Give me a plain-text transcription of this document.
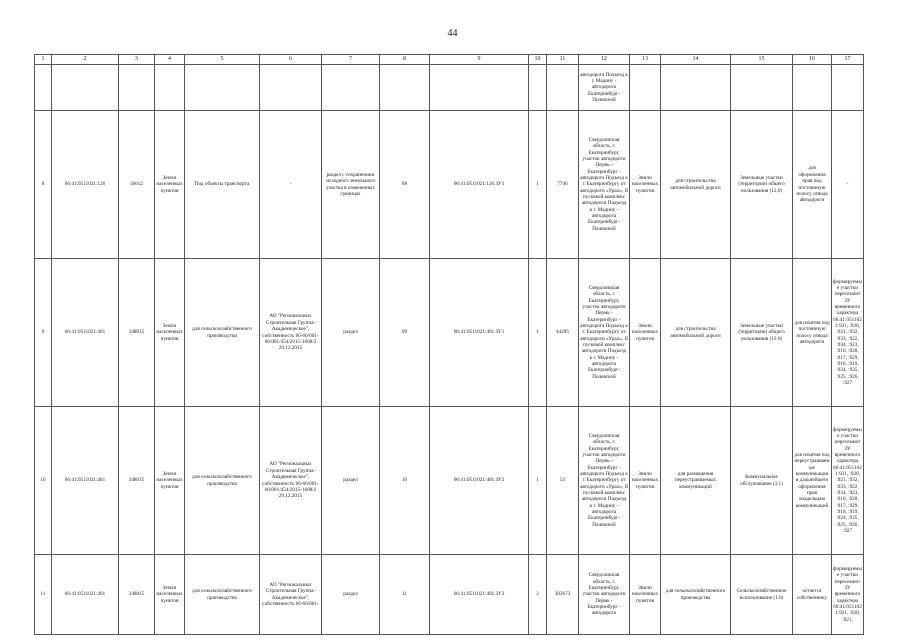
44
1	2	3	4	5	6	7	8	9	10	11	12	13	14	15	16	17
											автодорога Подъезд к г. Мадину - автодорога Екатеринбург-Полевской					
8	66:41:0511021:126	30612	Земли населенных пунктов	Под объекты транспорта	-	раздел с сохранением исходного земельного участка в измененных границах	08	66:41:0511021:126:ЗУ1	1	7746	Свердловская область, г. Екатеринбург, участок автодороги Пермь - Екатеринбург - автодорога Подъезд к г. Екатеринбургу от автодороги «Урал», II пусковой комплекс автодороги Подъезд к г. Мадину - автодорога Екатеринбург-Полевской	Земли населенных пунктов	для строительства автомобильной дороги	Земельные участки (территории) общего пользования (12.0)	для оформления прав под постоянную полосу отвода автодороги	-
9	66:41:0511021:401	348015	Земли населенных пунктов	для сельскохозяйственного производства	АО "Региональных Строительная Группа-Академическое", собственность 66-66/001-66/001/454/2015-1608/2 29.12.2015	раздел	09	66:41:0511021:401:ЗУ1	1	44295	Свердловская область, г. Екатеринбург, участок автодороги Пермь - Екатеринбург - автодорога Подъезд к г. Екатеринбургу от автодороги «Урал», II пусковой комплекс автодороги Подъезд к г. Мадину - автодорога Екатеринбург-Полевской	Земли населенных пунктов	для строительства автомобильной дороги	Земельные участки (территории) общего пользования (12.0)	для изъятия под постоянную полосу отвода автодороги	формируемые участки пересекают ЗУ временного характера 66:41:0511021:931, :920, :921, :932, :933, :922, :934, :923, :910, :928, :917, :929, :918, :919, :924, :935, :925, :926, :927
10	66:41:0511021:401	348015	Земли населенных пунктов	для сельскохозяйственного производства	АО "Региональных Строительная Группа-Академическое", собственность 66-66/001-66/001/454/2015-1608/2 29.12.2015	раздел	10	66:41:0511021:401:ЗУ2	1	53	Свердловская область, г. Екатеринбург, участок автодороги Пермь - Екатеринбург - автодорога Подъезд к г. Екатеринбургу от автодороги «Урал», II пусковой комплекс автодороги Подъезд к г. Мадину - автодорога Екатеринбург-Полевской	Земли населенных пунктов	для размещения переустраиваемых коммуникаций	Коммунальное обслуживание (3.1)	для изъятия под переустраиваемые коммуникации и дальнейшего оформления прав владельцам коммуникаций	формируемые участки пересекают ЗУ временного характера 66:41:0511021:931, :920, :921, :932, :933, :922, :934, :923, :910, :928, :917, :929, :918, :919, :924, :935, :925, :926, :927
11	66:41:0511021:401	348015	Земли населенных пунктов	для сельскохозяйственного производства	АО "Региональных Строительная Группа-Академическое", собственность 66-66/001-	раздел	11	66:41:0511021:401:ЗУ3	2	303673	Свердловская область, г. Екатеринбург, участок автодороги Пермь - Екатеринбург - автодорога	Земли населенных пунктов	для сельскохозяйственного производства	Сельскохозяйственное использование (1.0)	остается собственнику	формируемые участки пересекают ЗУ временного характера 66:41:0511021:931, :920, :921,
